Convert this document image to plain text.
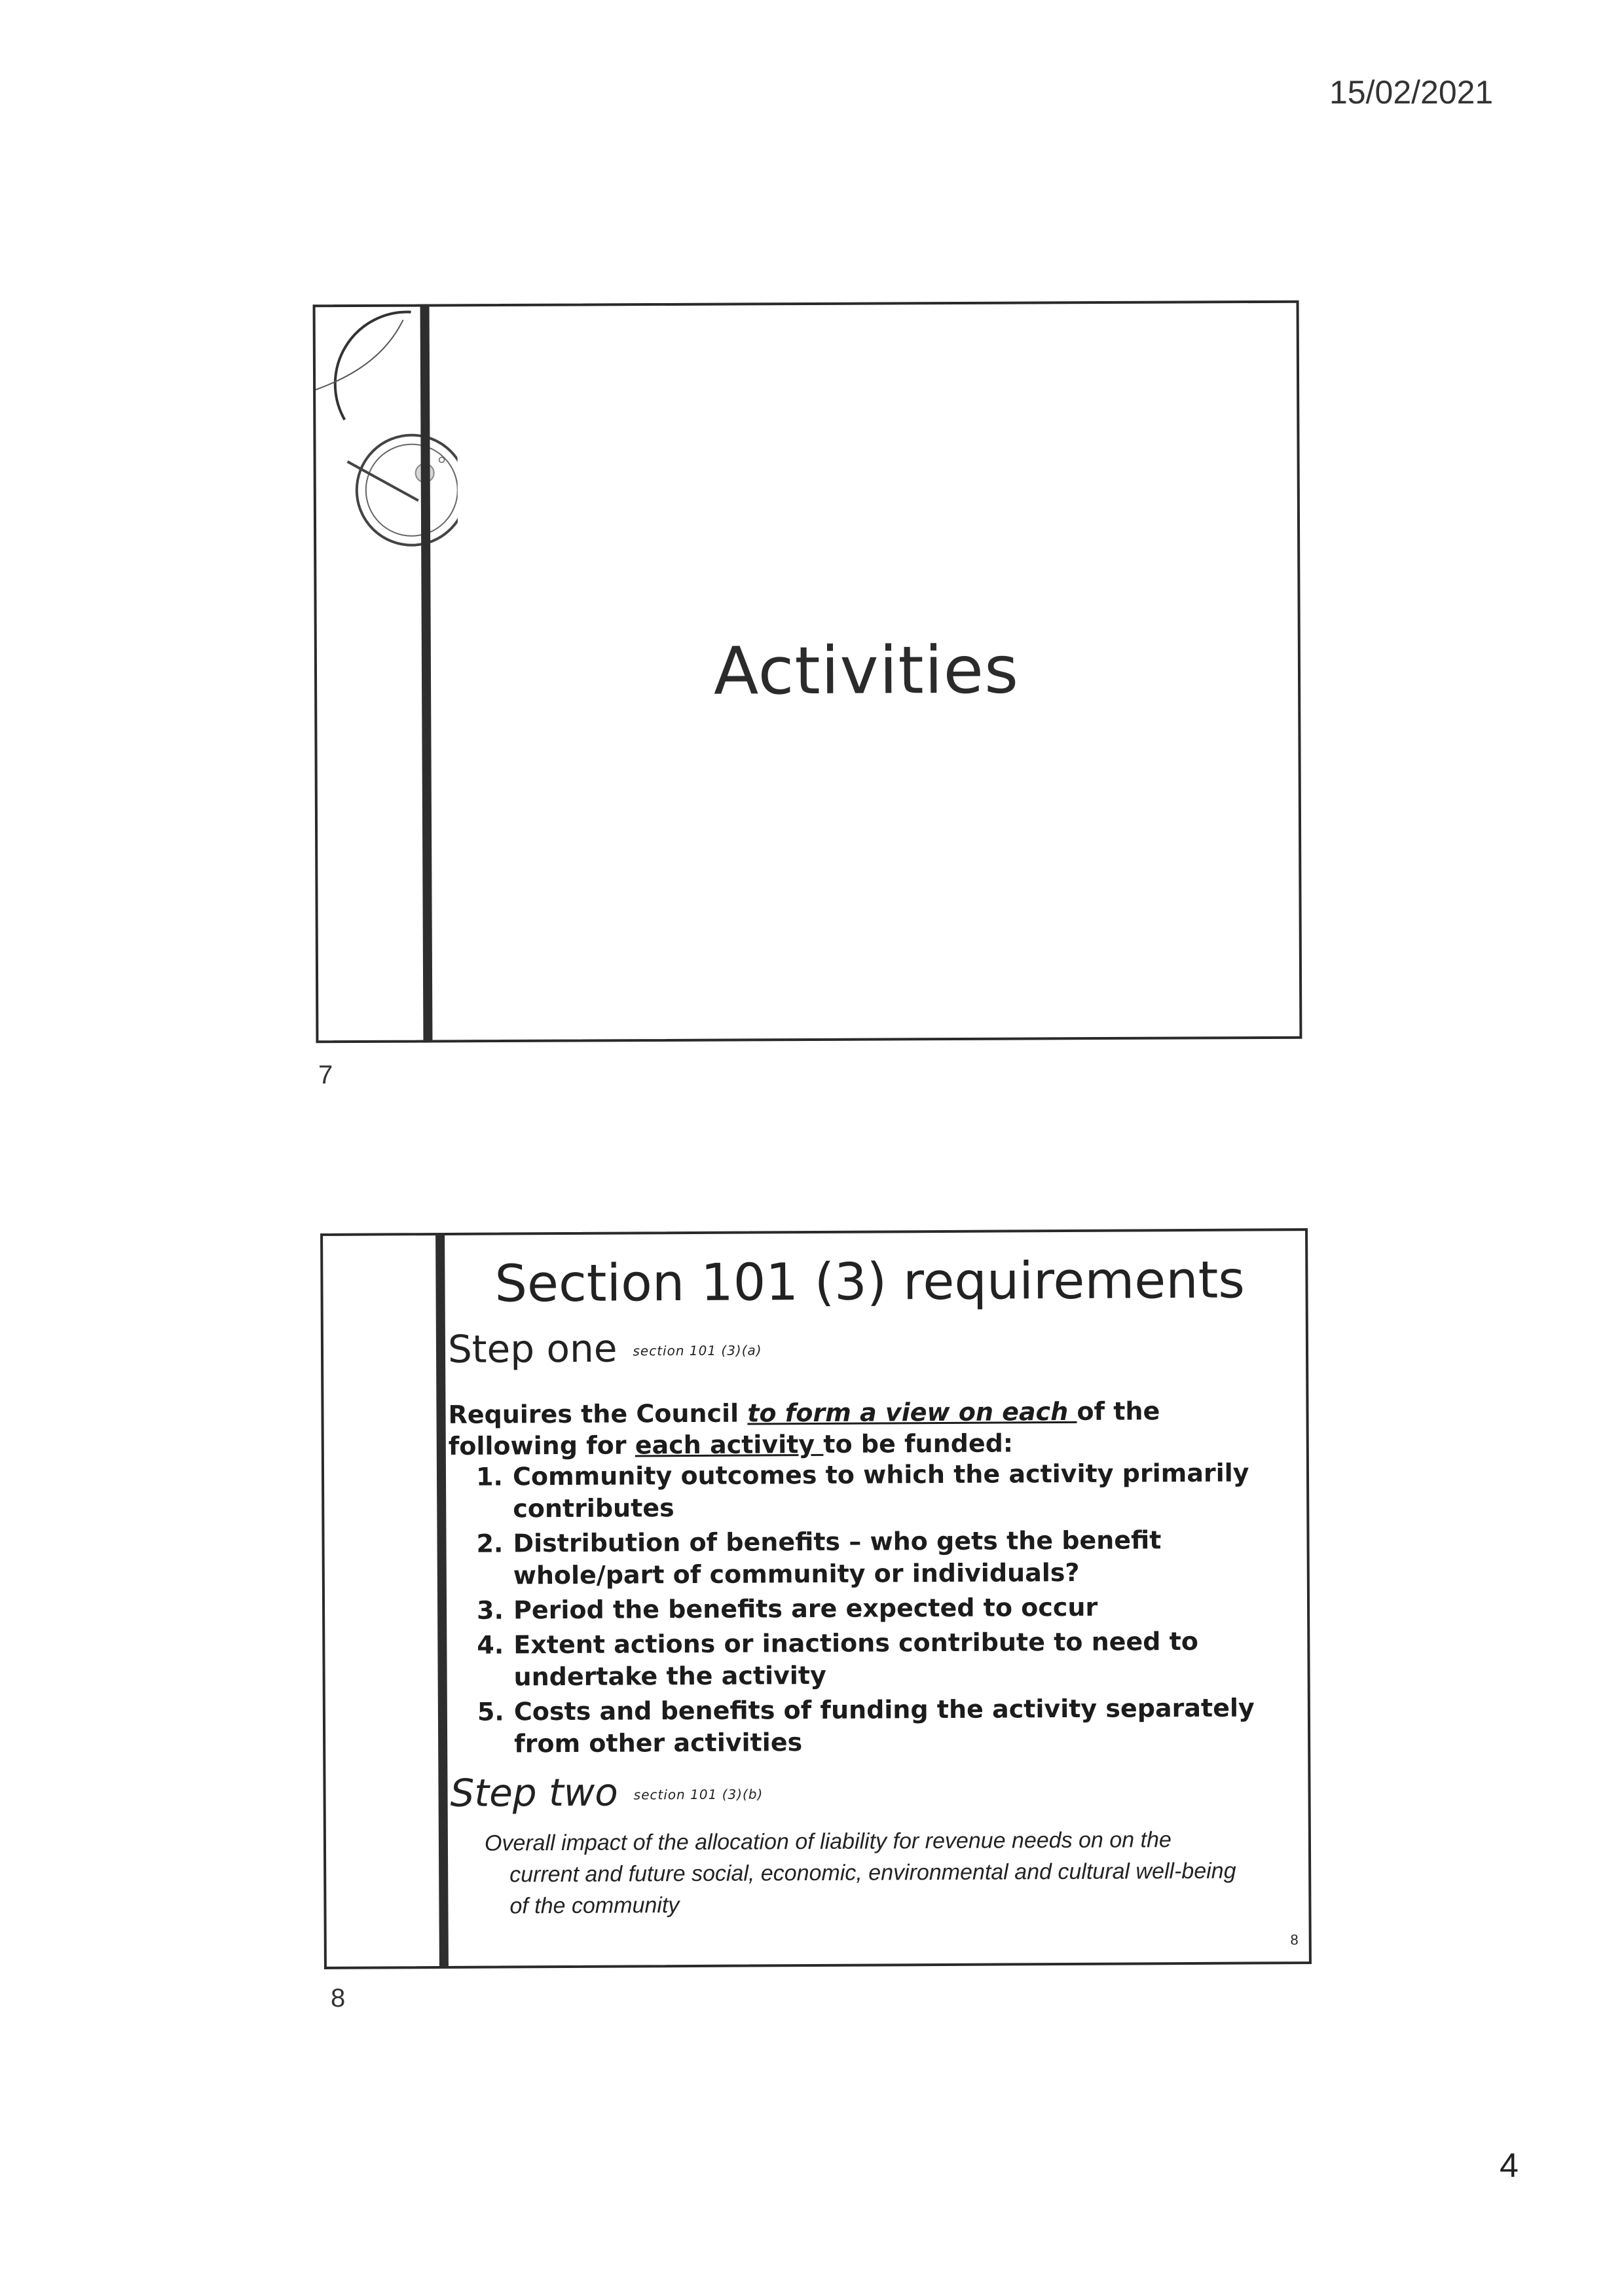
15/02/2021
Activities
7
Section 101 (3) requirements
Step one section 101 (3)(a)
Requires the Council to form a view on each of the following for each activity to be funded:
1. Community outcomes to which the activity primarily contributes
2. Distribution of benefits – who gets the benefit whole/part of community or individuals?
3. Period the benefits are expected to occur
4. Extent actions or inactions contribute to need to undertake the activity
5. Costs and benefits of funding the activity separately from other activities
Step two section 101 (3)(b)
Overall impact of the allocation of liability for revenue needs on on the
current and future social, economic, environmental and cultural well-being of the community
8
8
4
